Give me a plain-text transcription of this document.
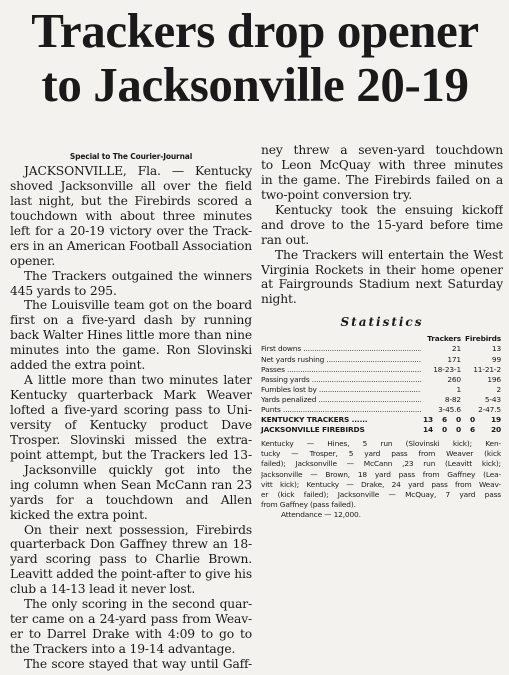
Trackers drop opener
to Jacksonville 20-19
Special to The Courier-Journal
JACKSONVILLE, Fla. — Kentucky
shoved Jacksonville all over the field
last night, but the Firebirds scored a
touchdown with about three minutes
left for a 20-19 victory over the Track-
ers in an American Football Association
opener.
The Trackers outgained the winners
445 yards to 295.
The Louisville team got on the board
first on a five-yard dash by running
back Walter Hines little more than nine
minutes into the game. Ron Slovinski
added the extra point.
A little more than two minutes later
Kentucky quarterback Mark Weaver
lofted a five-yard scoring pass to Uni-
versity of Kentucky product Dave
Trosper. Slovinski missed the extra-
point attempt, but the Trackers led 13-
Jacksonville quickly got into the
ing column when Sean McCann ran 23
yards for a touchdown and Allen
kicked the extra point.
On their next possession, Firebirds
quarterback Don Gaffney threw an 18-
yard scoring pass to Charlie Brown.
Leavitt added the point-after to give his
club a 14-13 lead it never lost.
The only scoring in the second quar-
ter came on a 24-yard pass from Weav-
er to Darrel Drake with 4:09 to go to
the Trackers into a 19-14 advantage.
The score stayed that way until Gaff-
ney threw a seven-yard touchdown
to Leon McQuay with three minutes
in the game. The Firebirds failed on a
two-point conversion try.
Kentucky took the ensuing kickoff
and drove to the 15-yard before time
ran out.
The Trackers will entertain the West
Virginia Rockets in their home opener
at Fairgrounds Stadium next Saturday
night.
Statistics
Trackers Firebirds
First downs .....	21	13
Net yards rushing .....	171	99
Passes .....	18-23-1	11-21-2
Passing yards .....	260	196
Fumbles lost by .....	1	2
Yards penalized .....	8-82	5-43
Punts .....	3-45.6	2-47.5
KENTUCKY TRACKERS ......	13	6	0	0	19
JACKSONVILLE FIREBIRDS	14	0	0	6	20
Kentucky — Hines, 5 run (Slovinski kick); Ken-
tucky — Trosper, 5 yard pass from Weaver (kick
failed); Jacksonville — McCann ,23 run (Leavitt kick);
Jacksonville — Brown, 18 yard pass from Gaffney (Lea-
vitt kick); Kentucky — Drake, 24 yard pass from Weav-
er (kick failed); Jacksonville — McQuay, 7 yard pass
from Gaffney (pass failed).
Attendance — 12,000.
